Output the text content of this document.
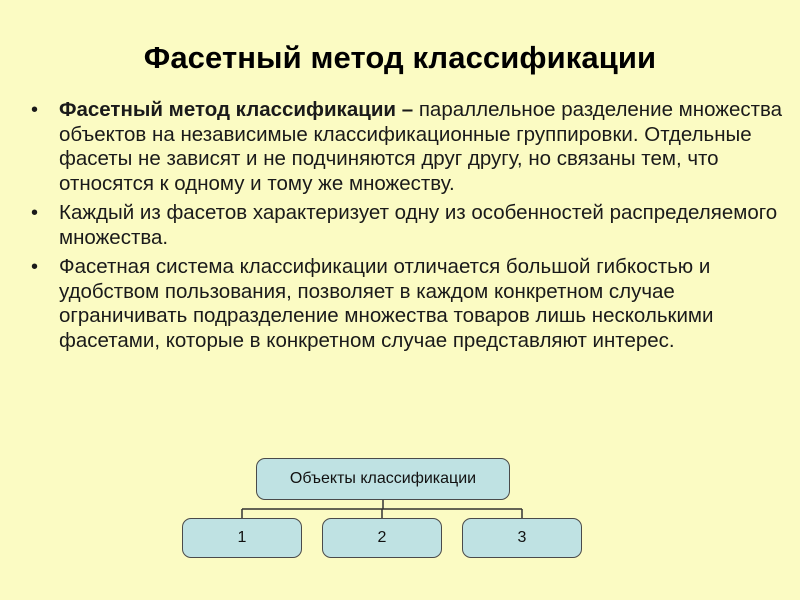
Фасетный метод классификации
• Фасетный метод классификации – параллельное разделение множества объектов на независимые классификационные группировки. Отдельные фасеты не зависят и не подчиняются друг другу, но связаны тем, что относятся к одному и тому же множеству.
• Каждый из фасетов характеризует одну из особенностей распределяемого множества.
• Фасетная система классификации отличается большой гибкостью и удобством пользования, позволяет в каждом конкретном случае ограничивать подразделение множества товаров лишь несколькими фасетами, которые в конкретном случае представляют интерес.
Объекты классификации
1	2	3
